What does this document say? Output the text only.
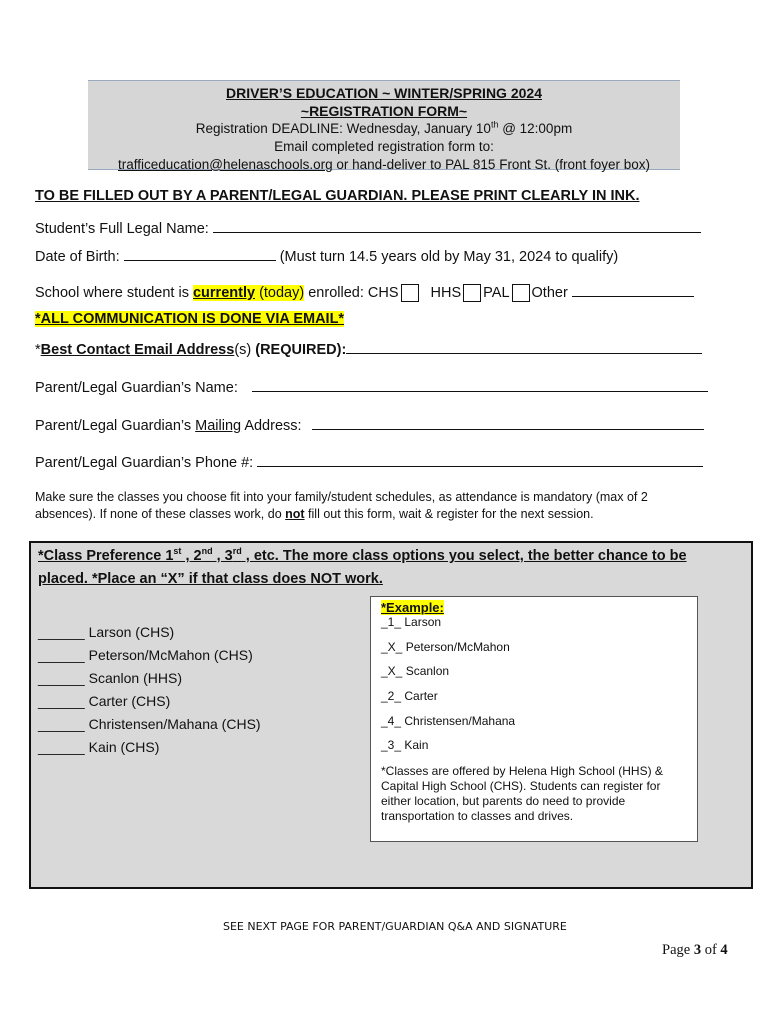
DRIVER’S EDUCATION ~ WINTER/SPRING 2024
~REGISTRATION FORM~
Registration DEADLINE: Wednesday, January 10th @ 12:00pm
Email completed registration form to:
trafficeducation@helenaschools.org or hand-deliver to PAL 815 Front St. (front foyer box)
TO BE FILLED OUT BY A PARENT/LEGAL GUARDIAN. PLEASE PRINT CLEARLY IN INK.
Student’s Full Legal Name:
Date of Birth:	(Must turn 14.5 years old by May 31, 2024 to qualify)
School where student is currently (today) enrolled: CHS HHS PAL Other
*ALL COMMUNICATION IS DONE VIA EMAIL*
*Best Contact Email Address(s) (REQUIRED):
Parent/Legal Guardian’s Name:
Parent/Legal Guardian’s Mailing Address:
Parent/Legal Guardian’s Phone #:
Make sure the classes you choose fit into your family/student schedules, as attendance is mandatory (max of 2
absences). If none of these classes work, do not fill out this form, wait & register for the next session.
*Class Preference 1st , 2nd , 3rd , etc. The more class options you select, the better chance to be
placed. *Place an “X” if that class does NOT work.
______ Larson (CHS)
______ Peterson/McMahon (CHS)
______ Scanlon (HHS)
______ Carter (CHS)
______ Christensen/Mahana (CHS)
______ Kain (CHS)
*Example:
_1_ Larson
_X_ Peterson/McMahon
_X_ Scanlon
_2_ Carter
_4_ Christensen/Mahana
_3_ Kain
*Classes are offered by Helena High School (HHS) & Capital High School (CHS). Students can register for either location, but parents do need to provide transportation to classes and drives.
SEE NEXT PAGE FOR PARENT/GUARDIAN Q&A AND SIGNATURE
Page 3 of 4
